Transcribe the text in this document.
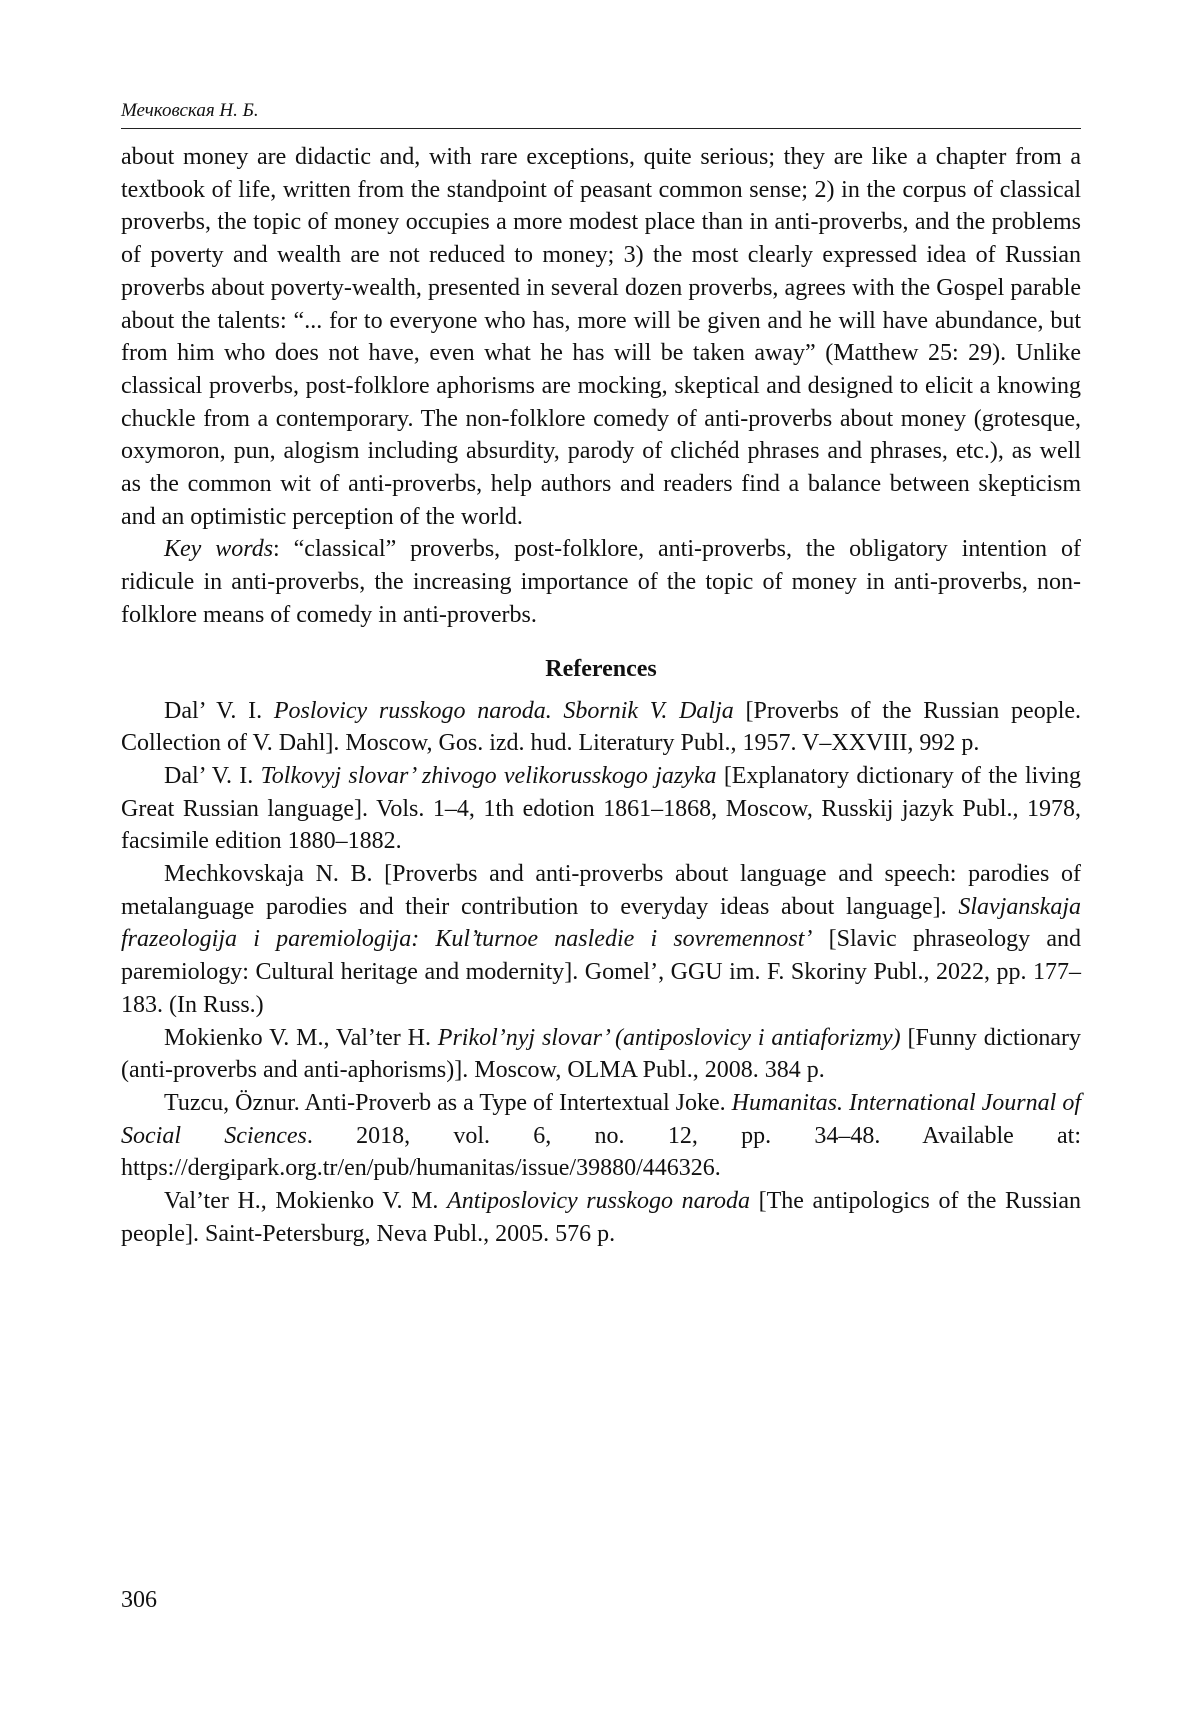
Мечковская Н. Б.

about money are didactic and, with rare exceptions, quite serious; they are like a chapter from a textbook of life, written from the standpoint of peasant common sense; 2) in the corpus of classical proverbs, the topic of money occupies a more modest place than in anti-proverbs, and the problems of poverty and wealth are not reduced to money; 3) the most clearly expressed idea of Russian proverbs about poverty-wealth, presented in several dozen proverbs, agrees with the Gospel parable about the talents: “... for to everyone who has, more will be given and he will have abundance, but from him who does not have, even what he has will be taken away” (Matthew 25: 29). Unlike classical proverbs, post-folklore aphorisms are mocking, skeptical and designed to elicit a knowing chuckle from a contemporary. The non-folklore comedy of anti-proverbs about money (grotesque, oxymoron, pun, alogism including absurdity, parody of clichéd phrases and phrases, etc.), as well as the common wit of anti-proverbs, help authors and readers find a balance between skepticism and an optimistic perception of the world.

Key words: “classical” proverbs, post-folklore, anti-proverbs, the obligatory intention of ridicule in anti-proverbs, the increasing importance of the topic of money in anti-proverbs, non-folklore means of comedy in anti-proverbs.

References

Dal’ V. I. Poslovicy russkogo naroda. Sbornik V. Dalja [Proverbs of the Russian people. Collection of V. Dahl]. Moscow, Gos. izd. hud. Literatury Publ., 1957. V–XXVIII, 992 p.

Dal’ V. I. Tolkovyj slovar’ zhivogo velikorusskogo jazyka [Explanatory dictionary of the living Great Russian language]. Vols. 1–4, 1th edotion 1861–1868, Moscow, Russkij jazyk Publ., 1978, facsimile edition 1880–1882.

Mechkovskaja N. B. [Proverbs and anti-proverbs about language and speech: parodies of metalanguage parodies and their contribution to everyday ideas about language]. Slavjanskaja frazeologija i paremiologija: Kul’turnoe nasledie i sovremennost’ [Slavic phraseology and paremiology: Cultural heritage and modernity]. Gomel’, GGU im. F. Skoriny Publ., 2022, pp. 177–183. (In Russ.)

Mokienko V. M., Val’ter H. Prikol’nyj slovar’ (antiposlovicy i antiaforizmy) [Funny dictionary (anti-proverbs and anti-aphorisms)]. Moscow, OLMA Publ., 2008. 384 p.

Tuzcu, Öznur. Anti-Proverb as a Type of Intertextual Joke. Humanitas. International Journal of Social Sciences. 2018, vol. 6, no. 12, pp. 34–48. Available at: https://dergipark.org.tr/en/pub/humanitas/issue/39880/446326.

Val’ter H., Mokienko V. M. Antiposlovicy russkogo naroda [The antipologics of the Russian people]. Saint-Petersburg, Neva Publ., 2005. 576 p.

306
